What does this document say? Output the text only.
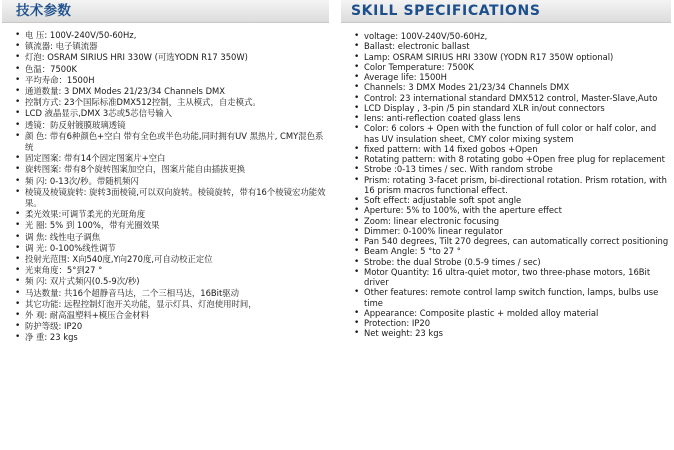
技术参数
• 电 压: 100V-240V/50-60Hz,
• 镇流器: 电子镇流器
• 灯泡: OSRAM SIRIUS HRI 330W (可选YODN R17 350W)
• 色温：7500K
• 平均寿命：1500H
• 通道数量: 3 DMX Modes 21/23/34 Channels DMX
• 控制方式: 23个国际标准DMX512控制，主从模式，自走模式。
• LCD 液晶显示,DMX 3芯或5芯信号输入
• 透镜：防反射镀膜玻璃透镜
• 颜 色: 带有6种颜色+空白 带有全色或半色功能,同时拥有UV 黑热片, CMY混色系统
• 固定图案: 带有14个固定图案片+空白
• 旋转图案: 带有8个旋转图案加空白，图案片能自由插拔更换
• 频 闪: 0-13次/秒。带随机频闪
• 棱镜及棱镜旋转: 旋转3面棱镜,可以双向旋转。棱镜旋转，带有16个棱镜宏功能效果。
• 柔光效果:可调节柔光的光斑角度
• 光 圈: 5% 到 100%，带有光圈效果
• 调 焦: 线性电子调焦
• 调 光: 0-100%线性调节
• 投射光范围: X向540度,Y向270度,可自动校正定位
• 光束角度：5°到27 °
• 频 闪: 双片式频闪(0.5-9次/秒)
• 马达数量: 共16个超静音马达，二个三相马达，16Bit驱动
• 其它功能: 远程控制灯泡开关功能，显示灯具、灯泡使用时间，
• 外 观: 耐高温塑料+模压合金材料
• 防护等级: IP20
• 净 重: 23 kgs
SKILL SPECIFICATIONS
• voltage: 100V-240V/50-60Hz,
• Ballast: electronic ballast
• Lamp: OSRAM SIRIUS HRI 330W (YODN R17 350W optional)
• Color Temperature: 7500K
• Average life: 1500H
• Channels: 3 DMX Modes 21/23/34 Channels DMX
• Control: 23 international standard DMX512 control, Master-Slave,Auto
• LCD Display , 3-pin /5 pin standard XLR in/out connectors
• lens: anti-reflection coated glass lens
• Color: 6 colors + Open with the function of full color or half color, and has UV insulation sheet, CMY color mixing system
• fixed pattern: with 14 fixed gobos +Open
• Rotating pattern: with 8 rotating gobo +Open free plug for replacement
• Strobe :0-13 times / sec. With random strobe
• Prism: rotating 3-facet prism, bi-directional rotation. Prism rotation, with 16 prism macros functional effect.
• Soft effect: adjustable soft spot angle
• Aperture: 5% to 100%, with the aperture effect
• Zoom: linear electronic focusing
• Dimmer: 0-100% linear regulator
• Pan 540 degrees, Tilt 270 degrees, can automatically correct positioning
• Beam Angle: 5 °to 27 °
• Strobe: the dual Strobe (0.5-9 times / sec)
• Motor Quantity: 16 ultra-quiet motor, two three-phase motors, 16Bit driver
• Other features: remote control lamp switch function, lamps, bulbs use time
• Appearance: Composite plastic + molded alloy material
• Protection: IP20
• Net weight: 23 kgs
